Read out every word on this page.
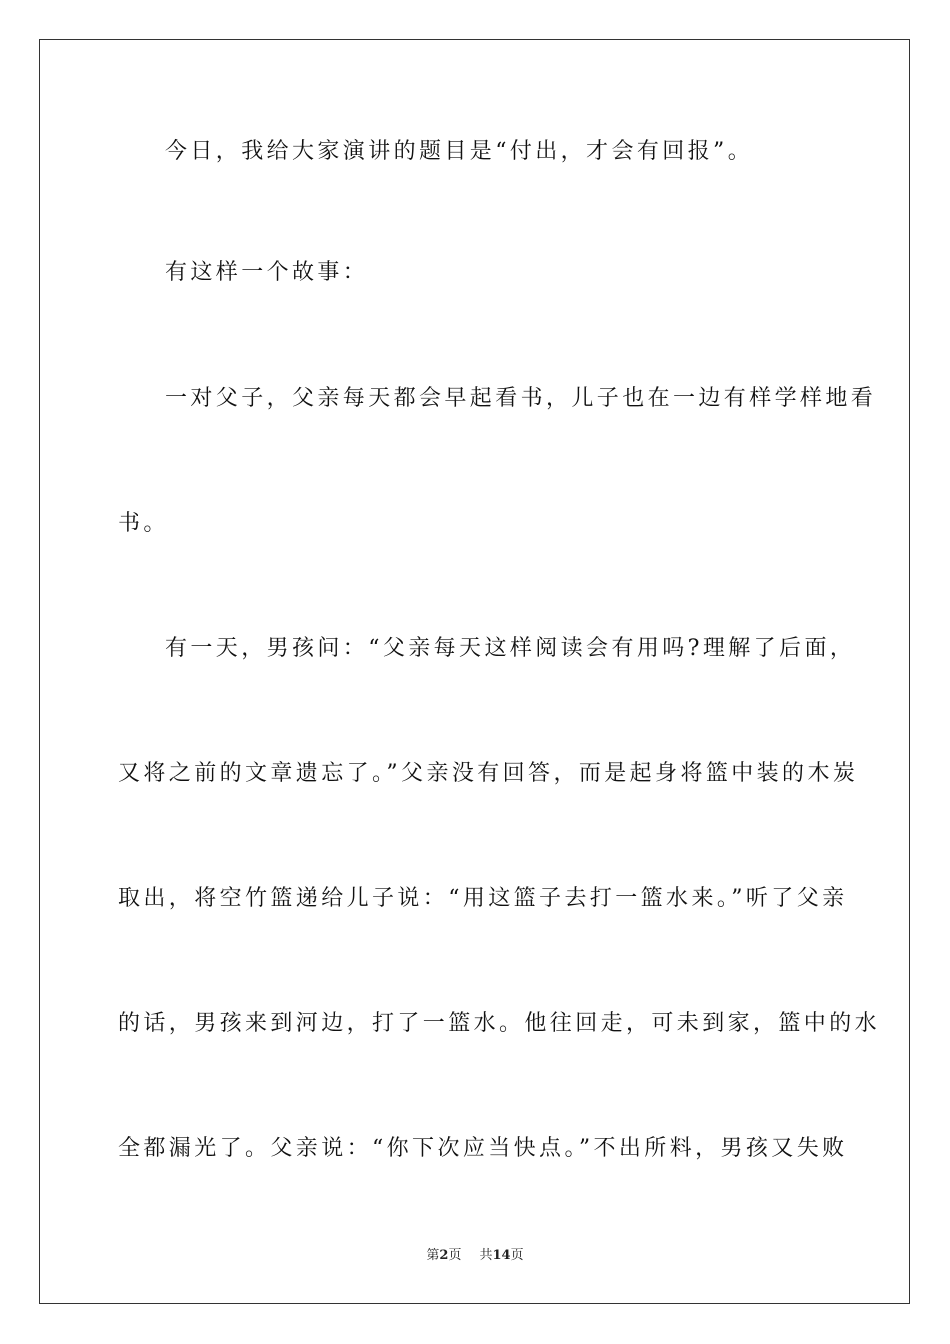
今日，我给大家演讲的题目是“付出，才会有回报”。
有这样一个故事：
一对父子，父亲每天都会早起看书，儿子也在一边有样学样地看
书。
有一天，男孩问：“父亲每天这样阅读会有用吗?理解了后面，
又将之前的文章遗忘了。”父亲没有回答，而是起身将篮中装的木炭
取出，将空竹篮递给儿子说：“用这篮子去打一篮水来。”听了父亲
的话，男孩来到河边，打了一篮水。他往回走，可未到家，篮中的水
全都漏光了。父亲说：“你下次应当快点。”不出所料，男孩又失败
第2页 共14页
